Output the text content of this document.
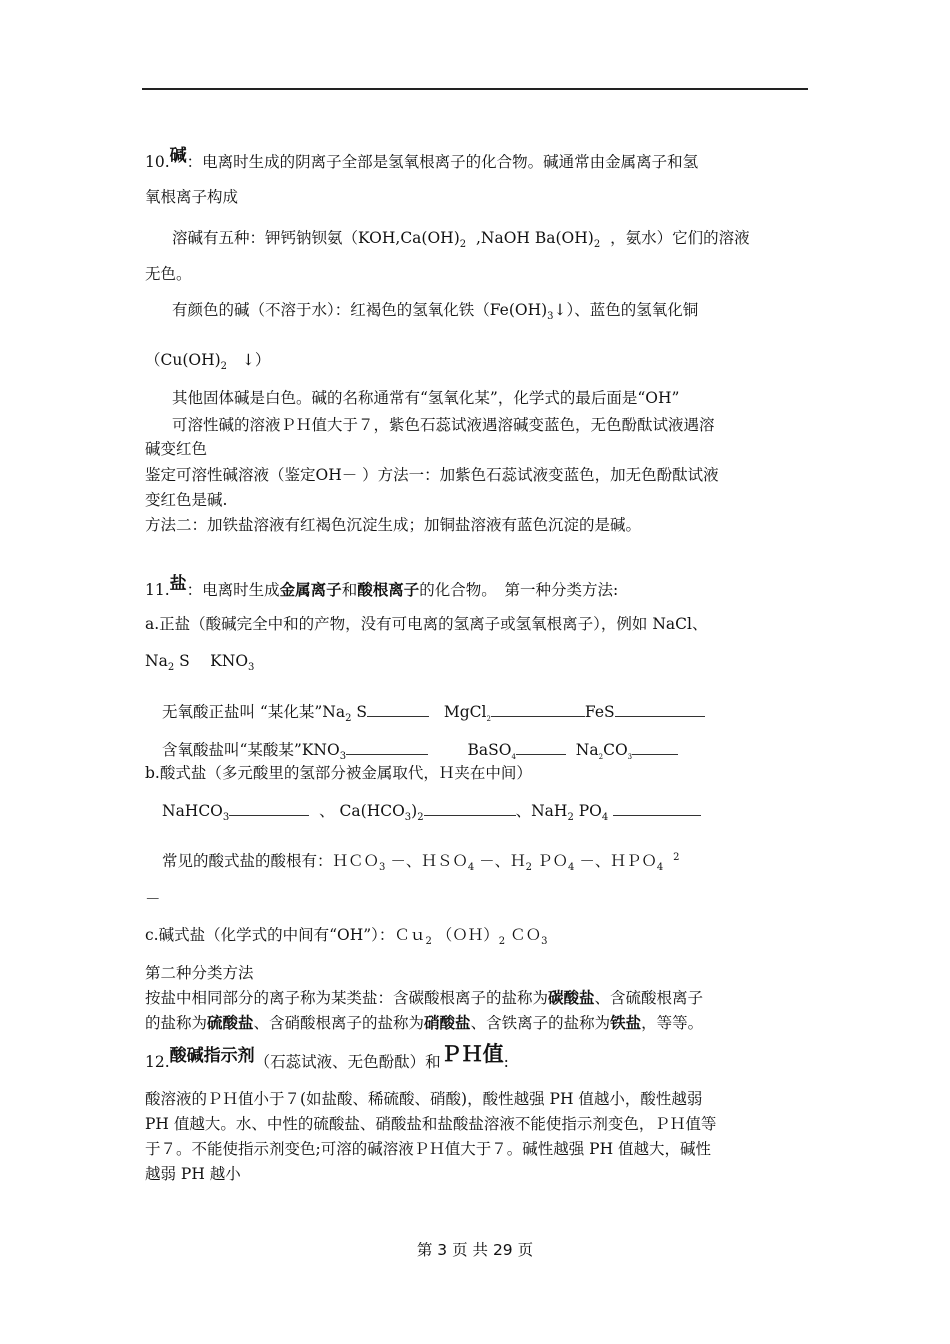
10.碱：电离时生成的阴离子全部是氢氧根离子的化合物。碱通常由金属离子和氢
氧根离子构成
溶碱有五种：钾钙钠钡氨（$KOH,Ca(OH)_2$ ,NaOH $Ba(OH)_2$ ，氨水）它们的溶液
无色。
有颜色的碱（不溶于水）：红褐色的氢氧化铁$(Fe(OH)_3↓)$、蓝色的氢氧化铜
（$Cu(OH)_2$ ↓）
其他固体碱是白色。碱的名称通常有“氢氧化某”，化学式的最后面是“OH”
可溶性碱的溶液ＰＨ值大于７，紫色石蕊试液遇溶碱变蓝色，无色酚酞试液遇溶
碱变红色
鉴定可溶性碱溶液（鉴定OH－ ）方法一：加紫色石蕊试液变蓝色，加无色酚酞试液
变红色是碱.
方法二：加铁盐溶液有红褐色沉淀生成；加铜盐溶液有蓝色沉淀的是碱。
11.盐：电离时生成金属离子和酸根离子的化合物。　第一种分类方法:
a.正盐（酸碱完全中和的产物，没有可电离的氢离子或氢氧根离子），例如 NaCl、
$Na_2$ S　 $KNO_3$
无氧酸正盐叫 “某化某$”Na_2$ S	MgCl$_2$	FeS
含氧酸盐叫“某酸某$”KNO_3$	BaSO$_4$	$Na_2CO_3$
b.酸式盐（多元酸里的氢部分被金属取代，Ｈ夹在中间）
NaHCO$_3$	、 $Ca(HCO_3)_2$	、NaH$_2$ $PO_4$
常见的酸式盐的酸根有：ＨＣＯ$_3$ －、ＨＳＯ$_4$ －、Ｈ$_2$ ＰＯ$_4$ －、ＨＰＯ$_4$  $^2$
－
c.碱式盐（化学式的中间有“OH”）：Ｃｕ$_2$ $(OH)_2$ ＣＯ$_3$
第二种分类方法
按盐中相同部分的离子称为某类盐：含碳酸根离子的盐称为碳酸盐、含硫酸根离子
的盐称为硫酸盐、含硝酸根离子的盐称为硝酸盐、含铁离子的盐称为铁盐，等等。
12.酸碱指示剂（石蕊试液、无色酚酞）和ＰＨ值:
酸溶液的ＰＨ值小于７(如盐酸、稀硫酸、硝酸)，酸性越强 PH 值越小，酸性越弱
PH 值越大。水、中性的硫酸盐、硝酸盐和盐酸盐溶液不能使指示剂变色，ＰＨ值等
于７。不能使指示剂变色;可溶的碱溶液ＰＨ值大于７。碱性越强 PH 值越大，碱性
越弱 PH 越小
第 3 页 共 29 页
